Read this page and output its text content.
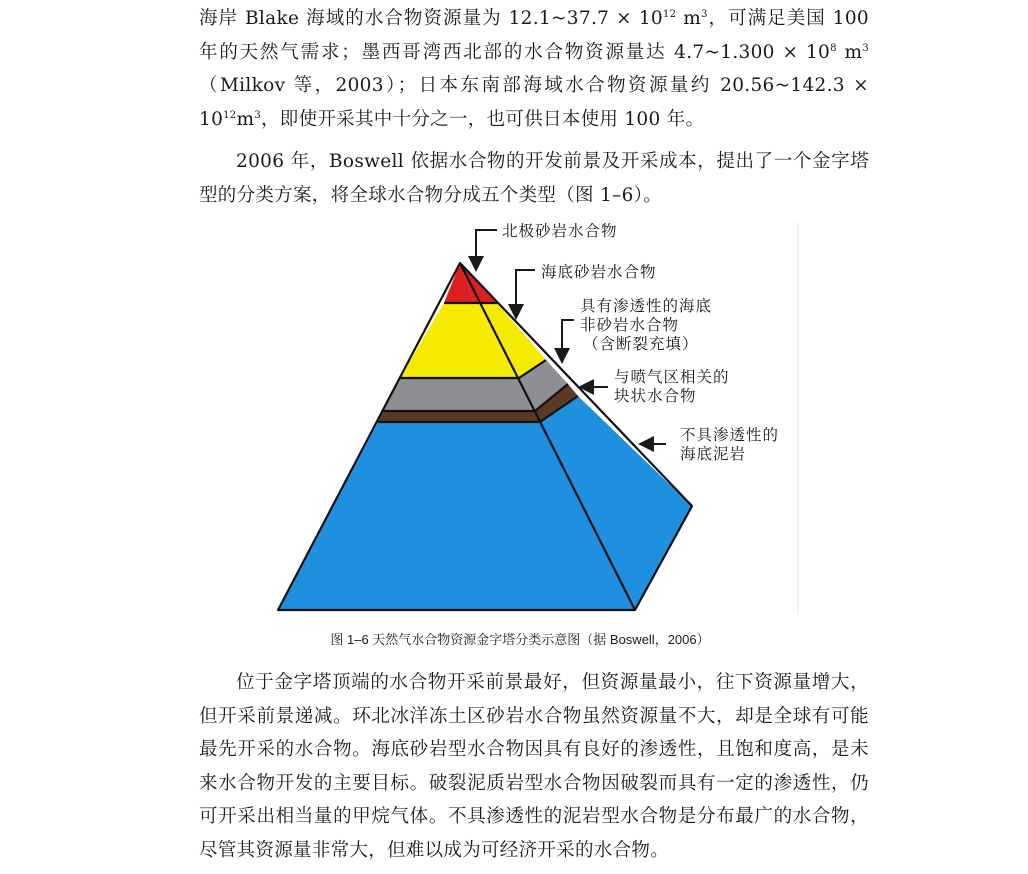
海岸 Blake 海域的水合物资源量为 12.1~37.7 × $10^{12}$ $m^3$，可满足美国 100 年的天然气需求；墨西哥湾西北部的水合物资源量达 4.7~1.300 × $10^8$ $m^3(Milkov$ 等，2003）；日本东南部海域水合物资源量约 20.56~142.3 × $10^{12}m^3$，即使开采其中十分之一，也可供日本使用 100 年。

2006 年，Boswell 依据水合物的开发前景及开采成本，提出了一个金字塔型的分类方案，将全球水合物分成五个类型（图 1–6）。

北极砂岩水合物
海底砂岩水合物
具有渗透性的海底
非砂岩水合物
（含断裂充填）
与喷气区相关的
块状水合物
不具渗透性的
海底泥岩
图 1–6 天然气水合物资源金字塔分类示意图（据 Boswell，2006）

位于金字塔顶端的水合物开采前景最好，但资源量最小，往下资源量增大，但开采前景递减。环北冰洋冻土区砂岩水合物虽然资源量不大，却是全球有可能最先开采的水合物。海底砂岩型水合物因具有良好的渗透性，且饱和度高，是未来水合物开发的主要目标。破裂泥质岩型水合物因破裂而具有一定的渗透性，仍可开采出相当量的甲烷气体。不具渗透性的泥岩型水合物是分布最广的水合物，尽管其资源量非常大，但难以成为可经济开采的水合物。
